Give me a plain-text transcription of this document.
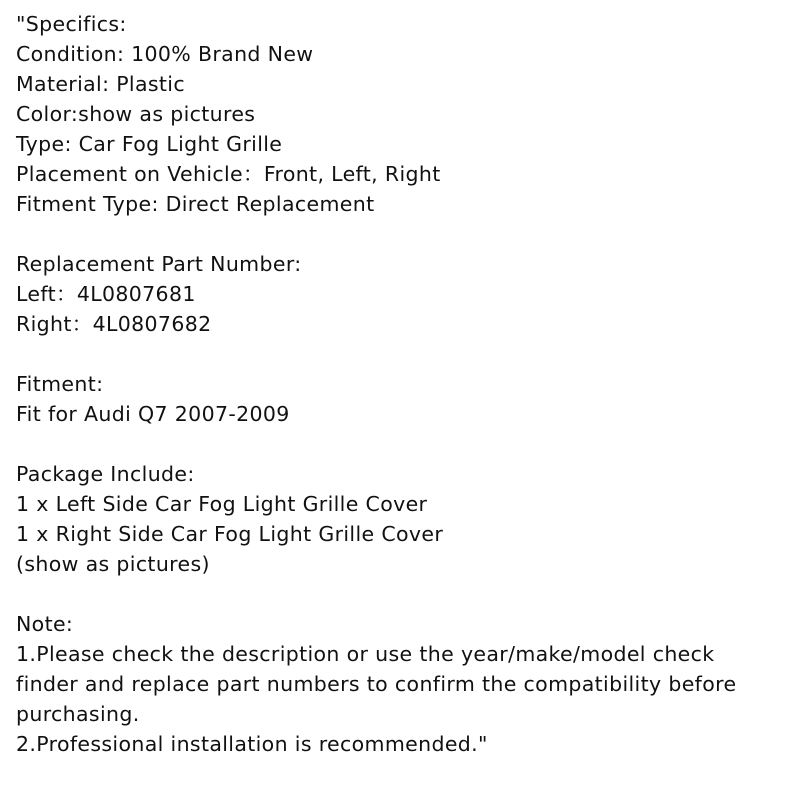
"Specifics:
Condition: 100% Brand New
Material: Plastic
Color:show as pictures
Type: Car Fog Light Grille
Placement on Vehicle：Front, Left, Right
Fitment Type: Direct Replacement
Replacement Part Number:
Left：4L0807681
Right：4L0807682
Fitment:
Fit for Audi Q7 2007-2009
Package Include:
1 x Left Side Car Fog Light Grille Cover
1 x Right Side Car Fog Light Grille Cover
(show as pictures)
Note:
1.Please check the description or use the year/make/model check
finder and replace part numbers to confirm the compatibility before
purchasing.
2.Professional installation is recommended."
